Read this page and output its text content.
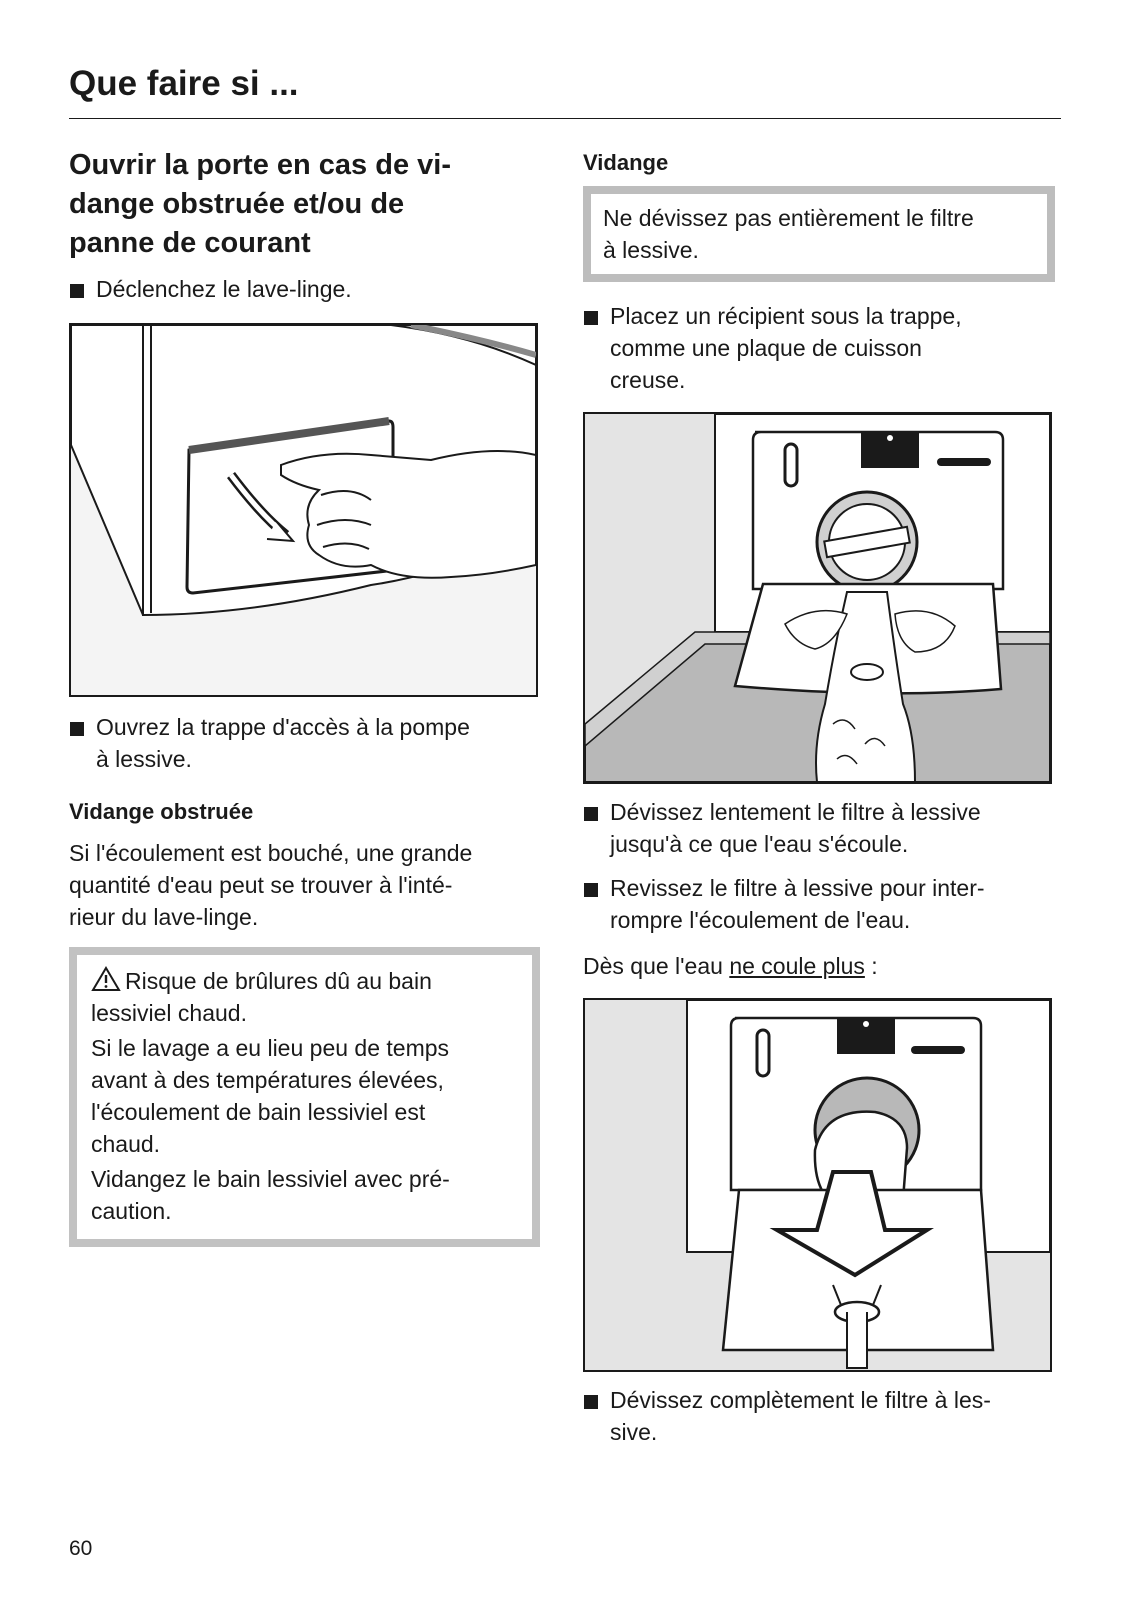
Que faire si ...
Ouvrir la porte en cas de vi-
dange obstruée et/ou de
panne de courant
Déclenchez le lave-linge.
Ouvrez la trappe d'accès à la pompe
à lessive.
Vidange obstruée

Si l'écoulement est bouché, une grande
quantité d'eau peut se trouver à l'inté-
rieur du lave-linge.

Risque de brûlures dû au bain
lessiviel chaud.

Si le lavage a eu lieu peu de temps
avant à des températures élevées,
l'écoulement de bain lessiviel est
chaud.

Vidangez le bain lessiviel avec pré-
caution.

Vidange
Ne dévissez pas entièrement le filtre
à lessive.
Placez un récipient sous la trappe,
comme une plaque de cuisson
creuse.
Dévissez lentement le filtre à lessive
jusqu'à ce que l'eau s'écoule.
Revissez le filtre à lessive pour inter-
rompre l'écoulement de l'eau.

Dès que l'eau ne coule plus :

Dévissez complètement le filtre à les-
sive.
60
